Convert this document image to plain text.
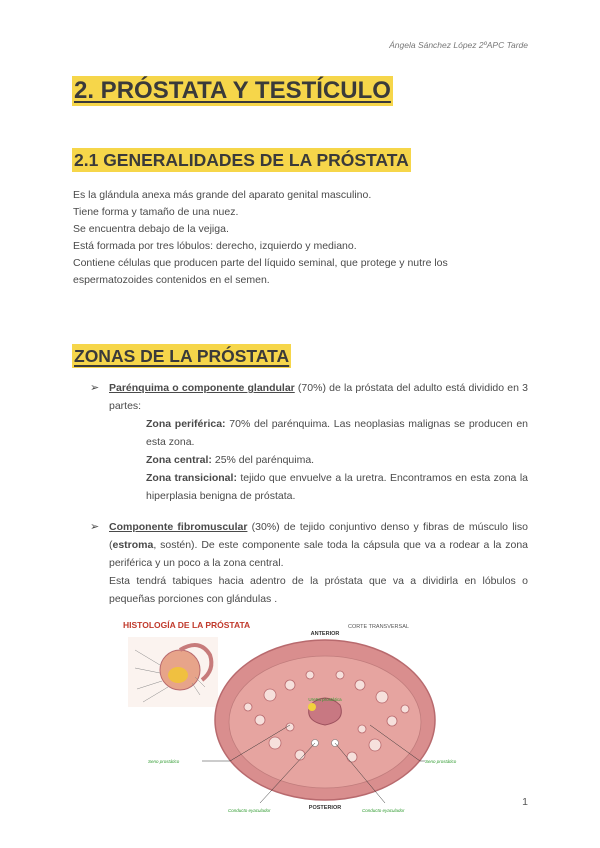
Ángela Sánchez López 2ºAPC Tarde
2. PRÓSTATA Y TESTÍCULO
2.1 GENERALIDADES DE LA PRÓSTATA
Es la glándula anexa más grande del aparato genital masculino.
Tiene forma y tamaño de una nuez.
Se encuentra debajo de la vejiga.
Está formada por tres lóbulos: derecho, izquierdo y mediano.
Contiene células que producen parte del líquido seminal, que protege y nutre los
espermatozoides contenidos en el semen.
ZONAS DE LA PRÓSTATA
➢ Parénquima o componente glandular (70%) de la próstata del adulto está dividido en 3 partes:
Zona periférica: 70% del parénquima. Las neoplasias malignas se producen en esta zona.
Zona central: 25% del parénquima.
Zona transicional: tejido que envuelve a la uretra. Encontramos en esta zona la hiperplasia benigna de próstata.
➢ Componente fibromuscular (30%) de tejido conjuntivo denso y fibras de músculo liso (estroma, sostén). De este componente sale toda la cápsula que va a rodear a la zona periférica y un poco a la zona central.
Esta tendrá tabiques hacia adentro de la próstata que va a dividirla en lóbulos o pequeñas porciones con glándulas .
HISTOLOGÍA DE LA PRÓSTATA	CORTE TRANSVERSAL
ANTERIOR
POSTERIOR
Uretra prostática
Seno prostático	Seno prostático
Conducto eyaculador	Conducto eyaculador
1
